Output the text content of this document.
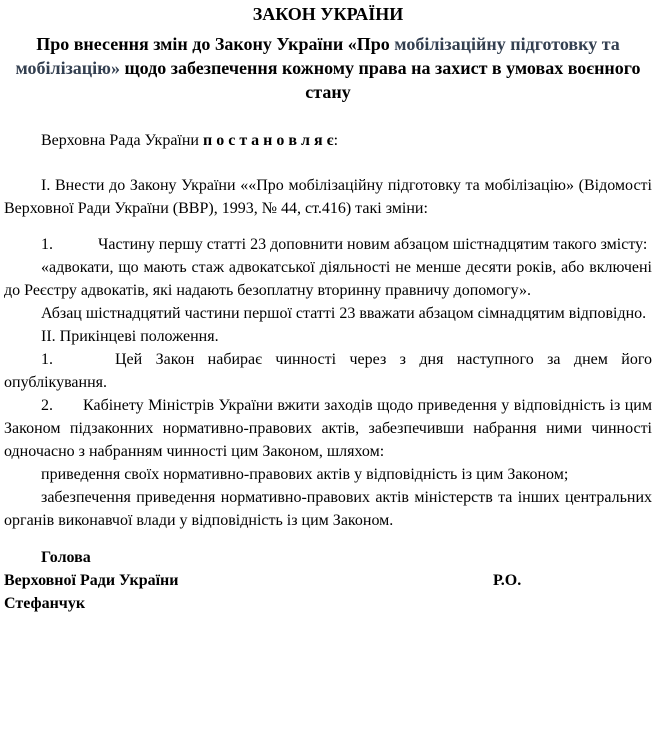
ЗАКОН УКРАЇНИ
Про внесення змін до Закону України «Про мобілізаційну підготовку та мобілізацію» щодо забезпечення кожному права на захист в умовах воєнного стану

Верховна Рада України п о с т а н о в л я є:

I. Внести до Закону України ««Про мобілізаційну підготовку та мобілізацію» (Відомості Верховної Ради України (ВВР), 1993, № 44, ст.416) такі зміни:

1.	Частину першу статті 23 доповнити новим абзацом шістнадцятим такого змісту:

«адвокати, що мають стаж адвокатської діяльності не менше десяти років, або включені до Реєстру адвокатів, які надають безоплатну вторинну правничу допомогу».

Абзац шістнадцятий частини першої статті 23 вважати абзацом сімнадцятим відповідно.

II. Прикінцеві положення.

1.	Цей Закон набирає чинності через з дня наступного за днем його опублікування.

2. Кабінету Міністрів України вжити заходів щодо приведення у відповідність із цим Законом підзаконних нормативно-правових актів, забезпечивши набрання ними чинності одночасно з набранням чинності цим Законом, шляхом:

приведення своїх нормативно-правових актів у відповідність із цим Законом;

забезпечення приведення нормативно-правових актів міністерств та інших центральних органів виконавчої влади у відповідність із цим Законом.

Голова

Верховної Ради України	Р.О.

Стефанчук
